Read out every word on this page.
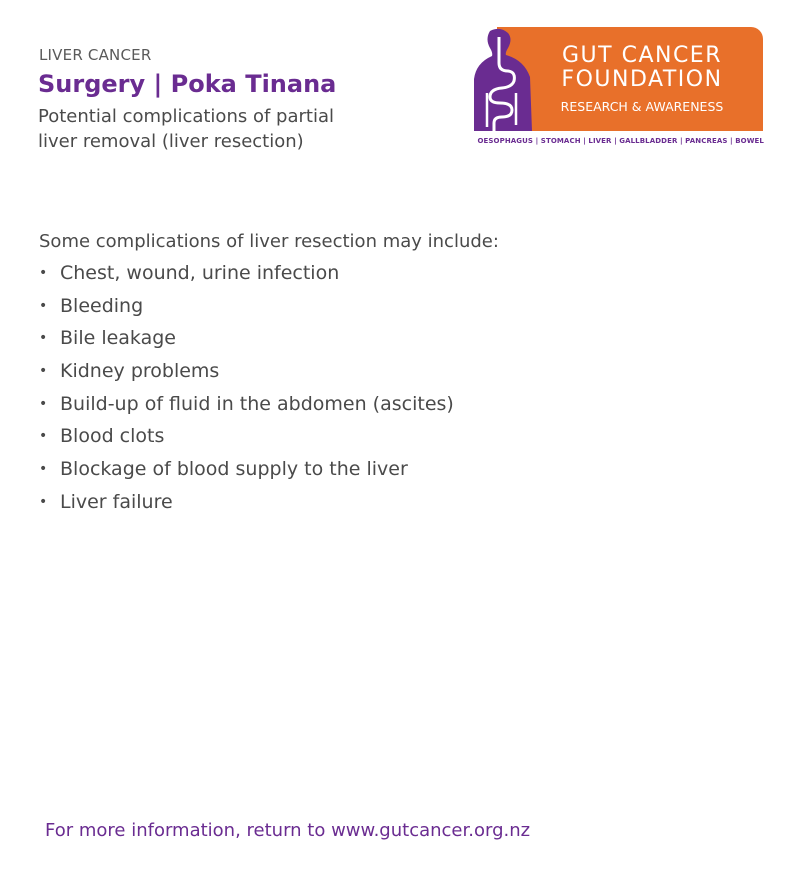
LIVER CANCER
Surgery | Poka Tinana
Potential complications of partial
liver removal (liver resection)
GUT CANCER
FOUNDATION
RESEARCH & AWARENESS
OESOPHAGUS | STOMACH | LIVER | GALLBLADDER | PANCREAS | BOWEL

Some complications of liver resection may include:

• Chest, wound, urine infection
• Bleeding
• Bile leakage
• Kidney problems
• Build-up of fluid in the abdomen (ascites)
• Blood clots
• Blockage of blood supply to the liver
• Liver failure
For more information, return to www.gutcancer.org.nz
